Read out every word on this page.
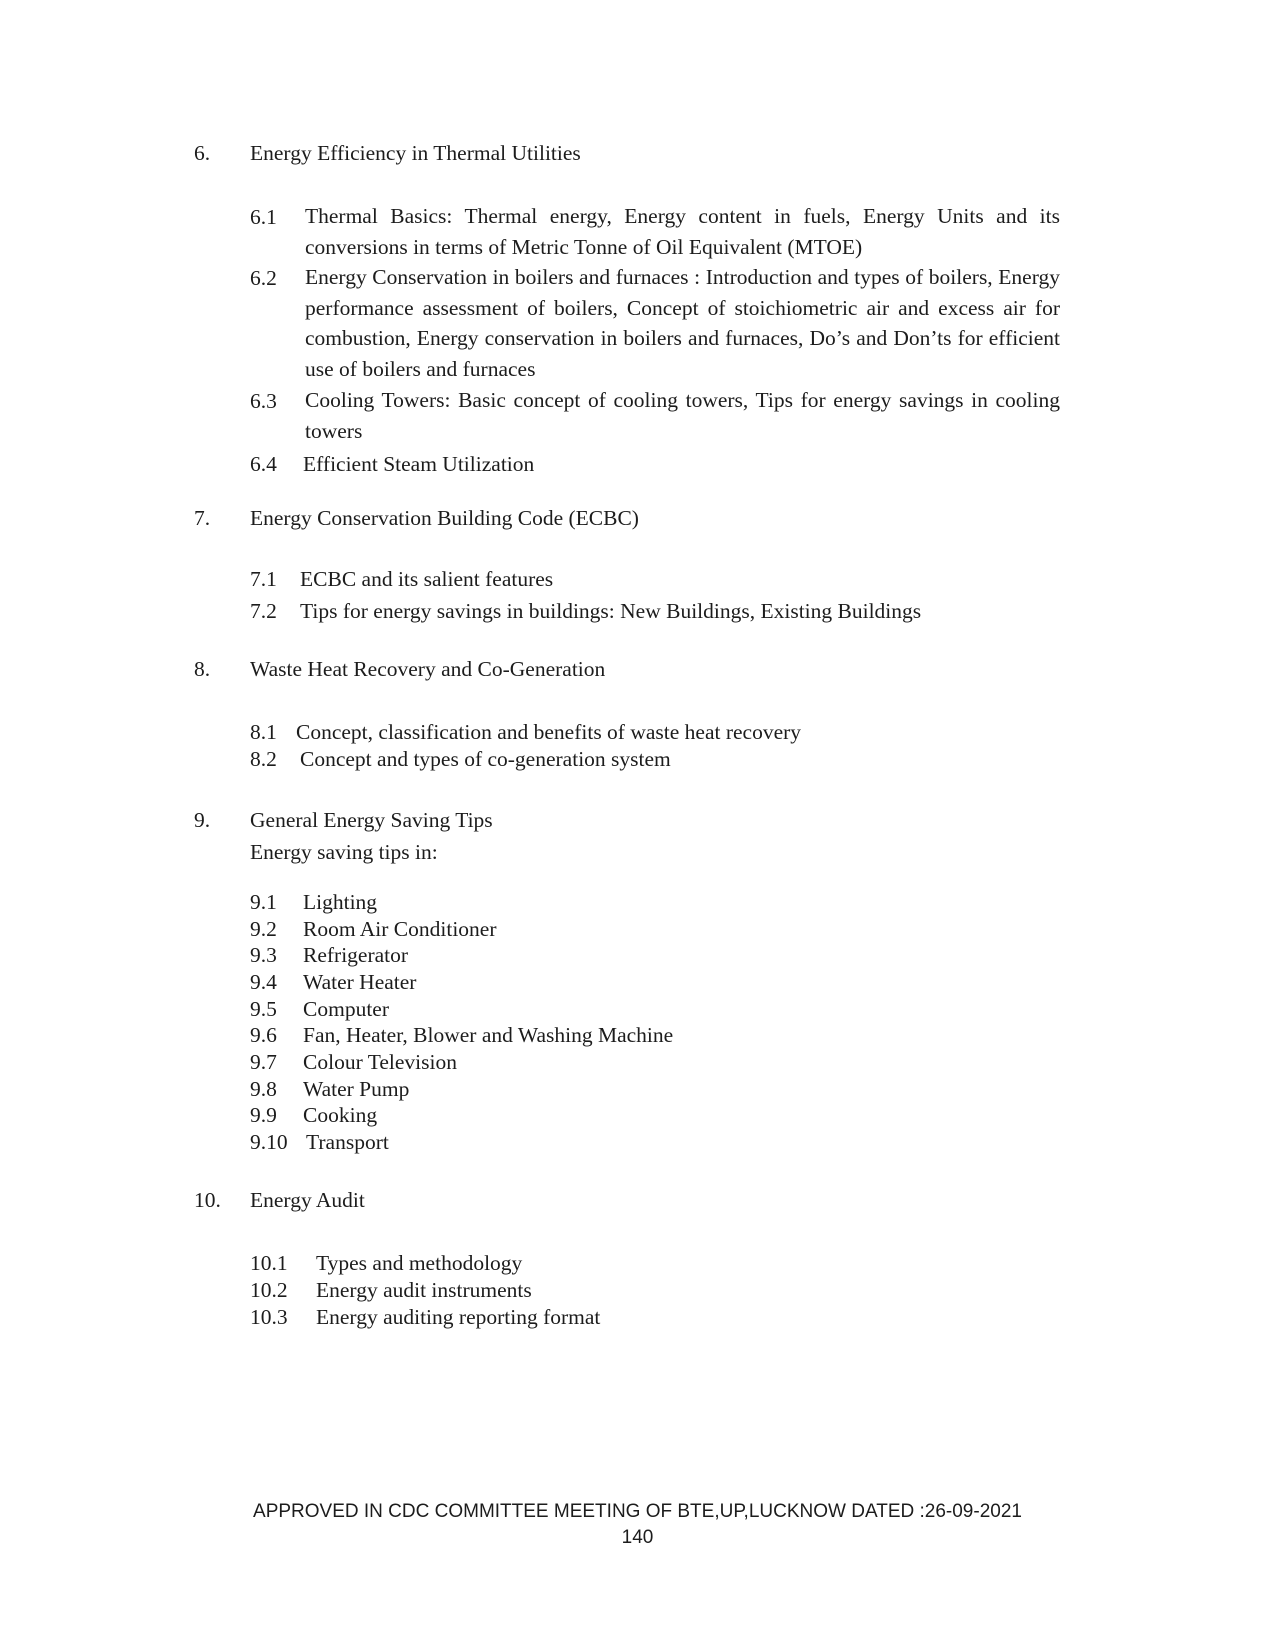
6. Energy Efficiency in Thermal Utilities
6.1 Thermal Basics: Thermal energy, Energy content in fuels, Energy Units and its conversions in terms of Metric Tonne of Oil Equivalent (MTOE)
6.2 Energy Conservation in boilers and furnaces : Introduction and types of boilers, Energy performance assessment of boilers, Concept of stoichiometric air and excess air for combustion, Energy conservation in boilers and furnaces, Do’s and Don’ts for efficient use of boilers and furnaces
6.3 Cooling Towers: Basic concept of cooling towers, Tips for energy savings in cooling towers
6.4 Efficient Steam Utilization
7. Energy Conservation Building Code (ECBC)
7.1 ECBC and its salient features
7.2 Tips for energy savings in buildings: New Buildings, Existing Buildings
8. Waste Heat Recovery and Co-Generation
8.1 Concept, classification and benefits of waste heat recovery
8.2 Concept and types of co-generation system
9. General Energy Saving Tips
Energy saving tips in:
9.1 Lighting
9.2 Room Air Conditioner
9.3 Refrigerator
9.4 Water Heater
9.5 Computer
9.6 Fan, Heater, Blower and Washing Machine
9.7 Colour Television
9.8 Water Pump
9.9 Cooking
9.10 Transport
10. Energy Audit
10.1 Types and methodology
10.2 Energy audit instruments
10.3 Energy auditing reporting format
APPROVED IN CDC COMMITTEE MEETING OF BTE,UP,LUCKNOW DATED :26-09-2021
140
